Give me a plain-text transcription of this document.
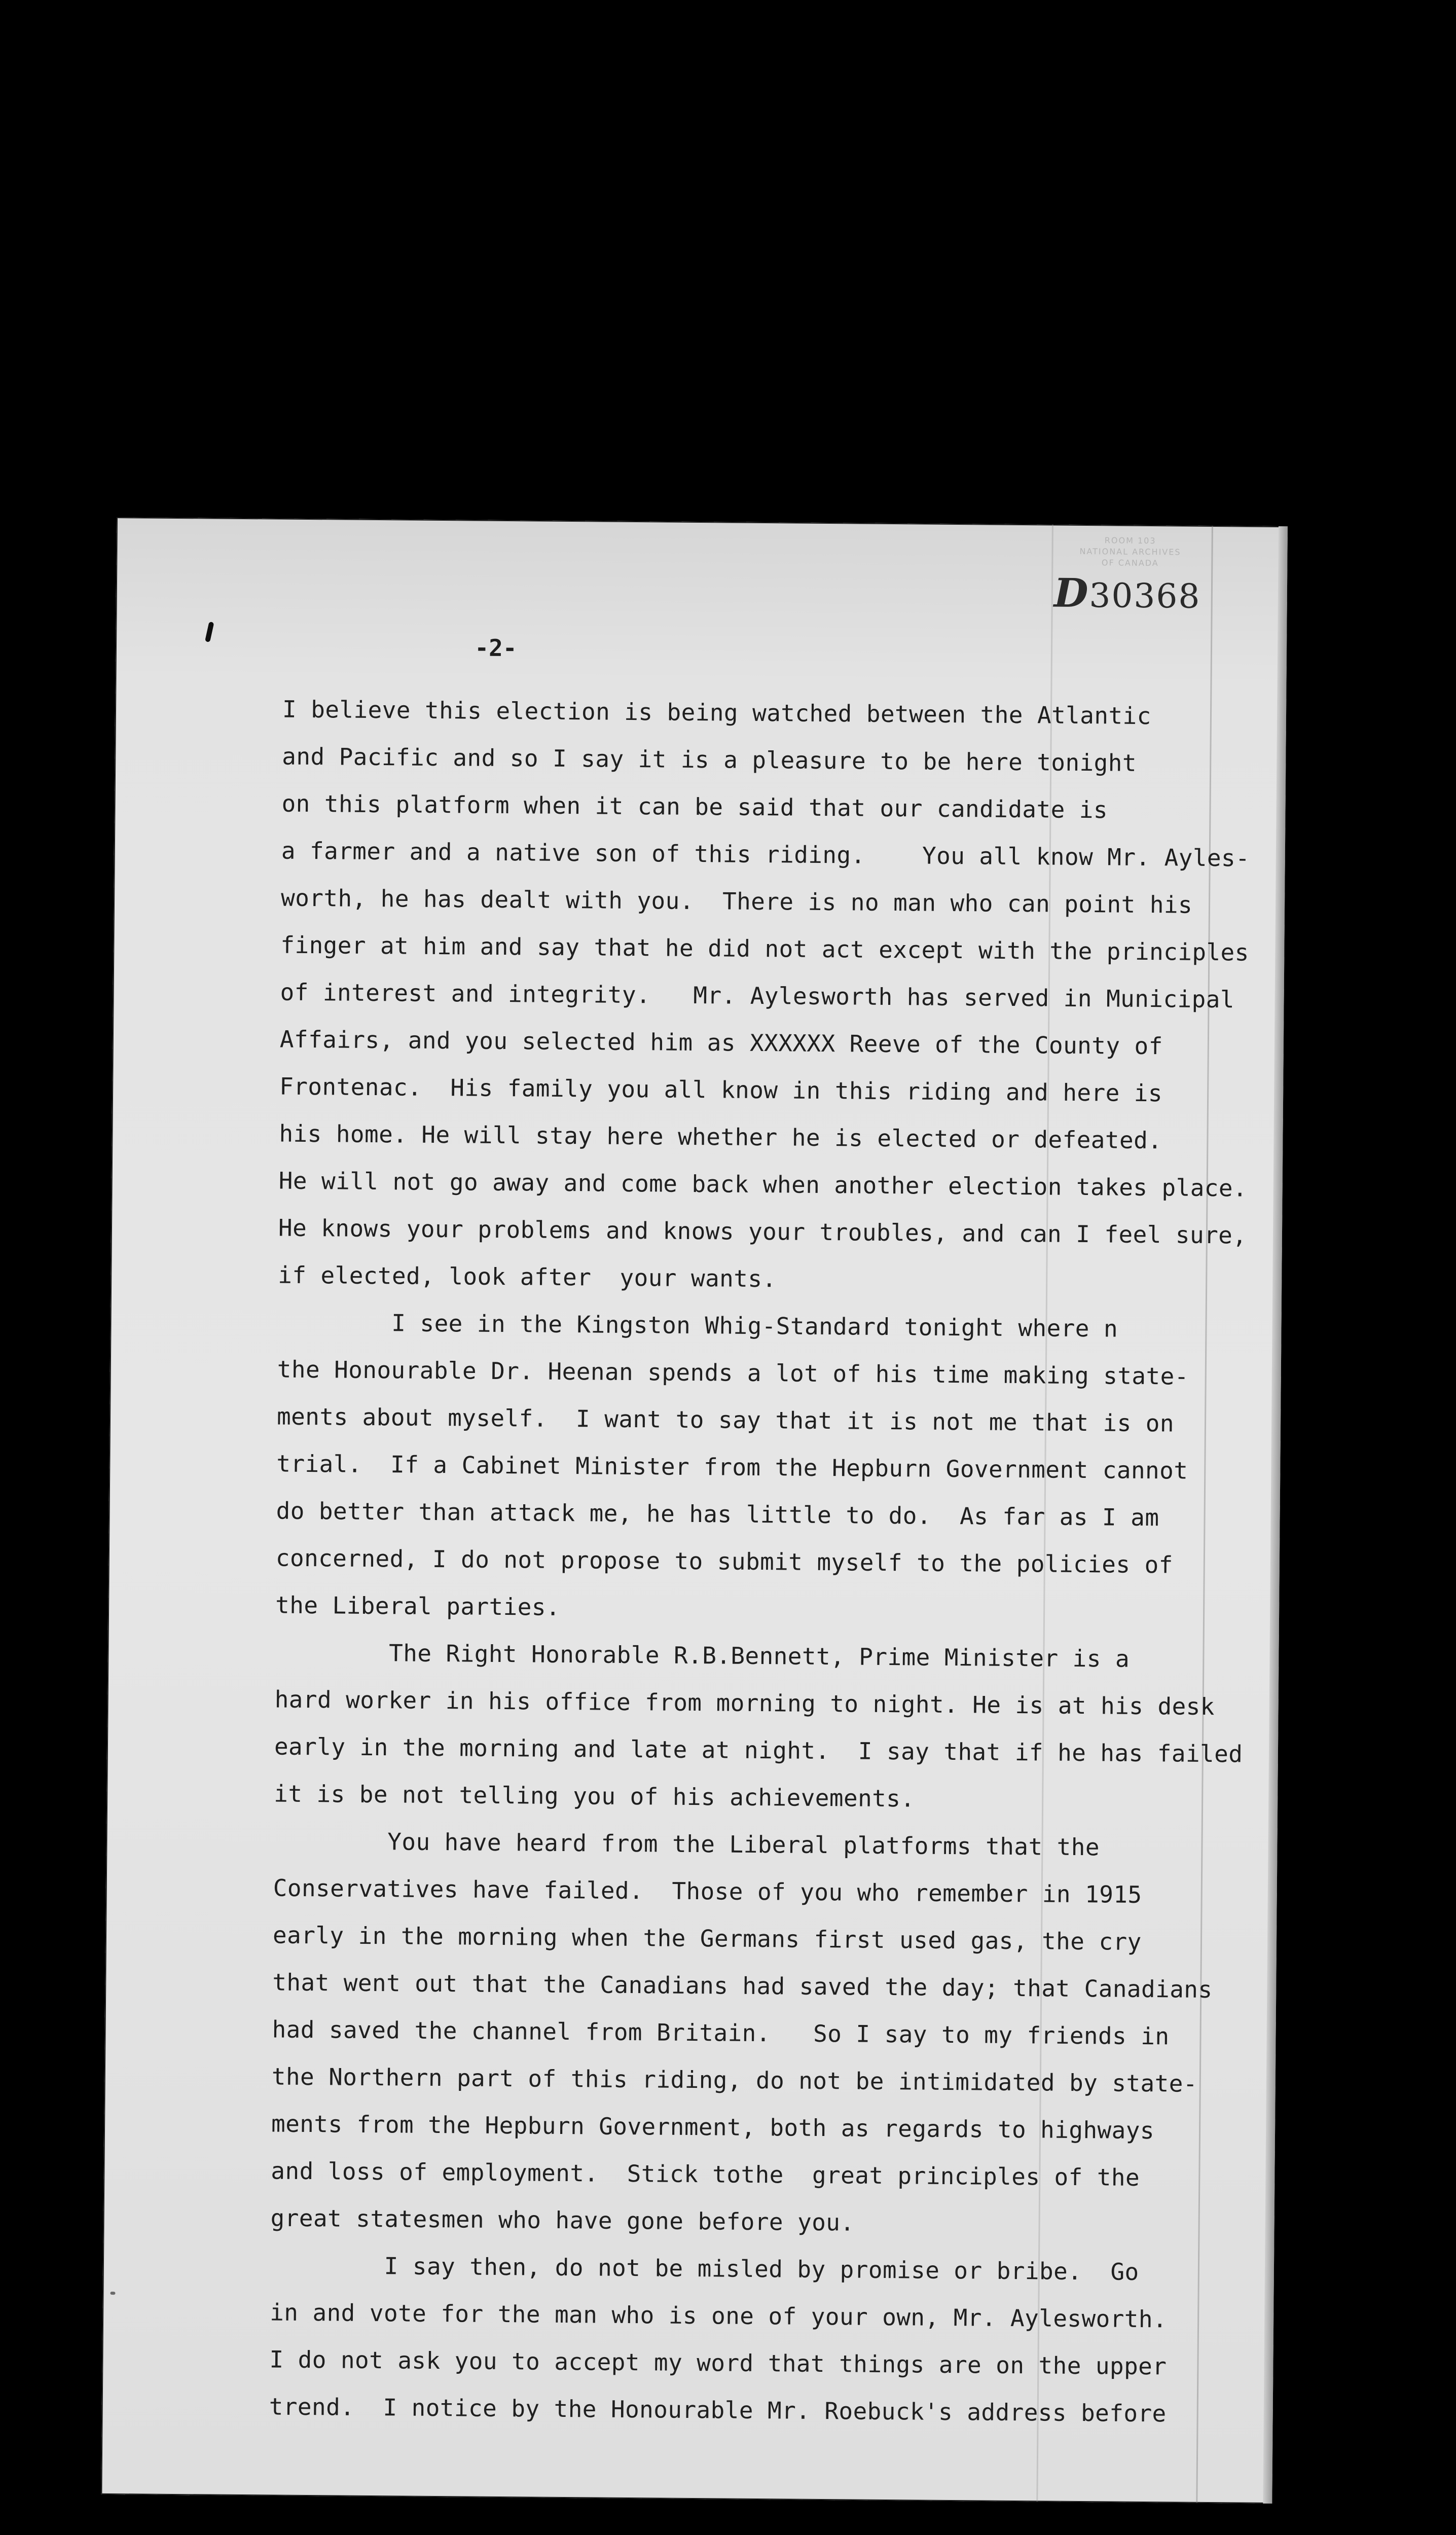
ROOM 103
NATIONAL ARCHIVES
OF CANADA
D30368
-2-
I believe this election is being watched between the Atlantic
and Pacific and so I say it is a pleasure to be here tonight
on this platform when it can be said that our candidate is
a farmer and a native son of this riding.    You all know Mr. Ayles-
worth, he has dealt with you.  There is no man who can point his
finger at him and say that he did not act except with the principles
of interest and integrity.   Mr. Aylesworth has served in Municipal
Affairs, and you selected him as XXXXXX Reeve of the County of
Frontenac.  His family you all know in this riding and here is
his home. He will stay here whether he is elected or defeated.
He will not go away and come back when another election takes place.
He knows your problems and knows your troubles, and can I feel sure,
if elected, look after  your wants.
I see in the Kingston Whig-Standard tonight where n
the Honourable Dr. Heenan spends a lot of his time making state-
ments about myself.  I want to say that it is not me that is on
trial.  If a Cabinet Minister from the Hepburn Government cannot
do better than attack me, he has little to do.  As far as I am
concerned, I do not propose to submit myself to the policies of
the Liberal parties.
The Right Honorable R.B.Bennett, Prime Minister is a
hard worker in his office from morning to night. He is at his desk
early in the morning and late at night.  I say that if he has failed
it is be not telling you of his achievements.
You have heard from the Liberal platforms that the
Conservatives have failed.  Those of you who remember in 1915
early in the morning when the Germans first used gas, the cry
that went out that the Canadians had saved the day; that Canadians
had saved the channel from Britain.   So I say to my friends in
the Northern part of this riding, do not be intimidated by state-
ments from the Hepburn Government, both as regards to highways
and loss of employment.  Stick tothe  great principles of the
great statesmen who have gone before you.
I say then, do not be misled by promise or bribe.  Go
in and vote for the man who is one of your own, Mr. Aylesworth.
I do not ask you to accept my word that things are on the upper
trend.  I notice by the Honourable Mr. Roebuck's address before
